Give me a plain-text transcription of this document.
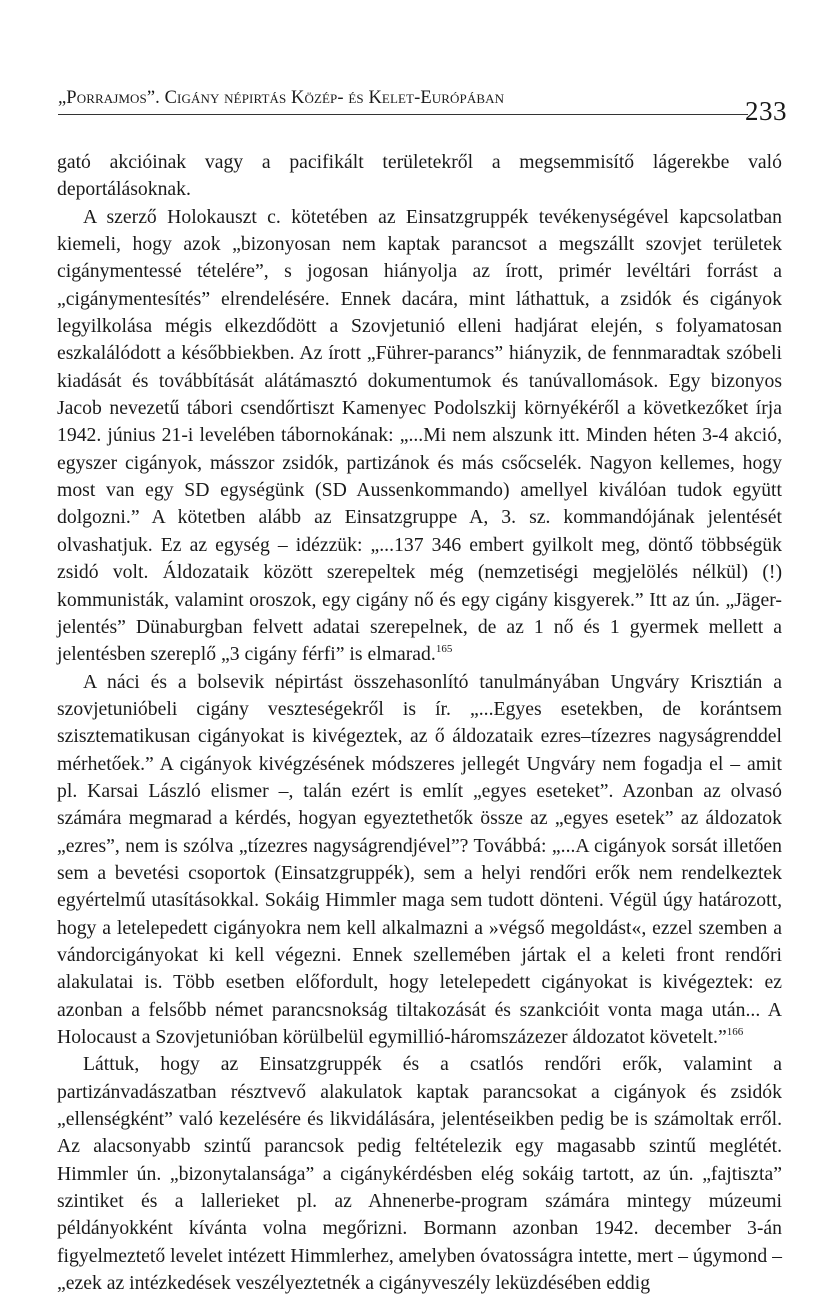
„Porrajmos”. Cigány népirtás Közép- és Kelet-Európában	233

gató akcióinak vagy a pacifikált területekről a megsemmisítő lágerekbe való deportálásoknak.

A szerző Holokauszt c. kötetében az Einsatzgruppék tevékenységével kapcsolatban kiemeli, hogy azok „bizonyosan nem kaptak parancsot a megszállt szovjet területek cigánymentessé tételére”, s jogosan hiányolja az írott, primér levéltári forrást a „cigánymentesítés” elrendelésére. Ennek dacára, mint láthattuk, a zsidók és cigányok legyilkolása mégis elkezdődött a Szovjetunió elleni hadjárat elején, s folyamatosan eszkalálódott a későbbiekben. Az írott „Führer-parancs” hiányzik, de fennmaradtak szóbeli kiadását és továbbítását alátámasztó dokumentumok és tanúvallomások. Egy bizonyos Jacob nevezetű tábori csendőrtiszt Kamenyec Podolszkij környékéről a következőket írja 1942. június 21-i levelében tábornokának: „...Mi nem alszunk itt. Minden héten 3-4 akció, egyszer cigányok, másszor zsidók, partizánok és más csőcselék. Nagyon kellemes, hogy most van egy SD egységünk (SD Aussenkommando) amellyel kiválóan tudok együtt dolgozni.” A kötetben alább az Einsatzgruppe A, 3. sz. kommandójának jelentését olvashatjuk. Ez az egység – idézzük: „...137 346 embert gyilkolt meg, döntő többségük zsidó volt. Áldozataik között szerepeltek még (nemzetiségi megjelölés nélkül) (!) kommunisták, valamint oroszok, egy cigány nő és egy cigány kisgyerek.” Itt az ún. „Jäger-jelentés” Dünaburgban felvett adatai szerepelnek, de az 1 nő és 1 gyermek mellett a jelentésben szereplő „3 cigány férfi” is elmarad.$^{165}$

A náci és a bolsevik népirtást összehasonlító tanulmányában Ungváry Krisztián a szovjetunióbeli cigány veszteségekről is ír. „...Egyes esetekben, de korántsem szisztematikusan cigányokat is kivégeztek, az ő áldozataik ezres–tízezres nagyságrenddel mérhetőek.” A cigányok kivégzésének módszeres jellegét Ungváry nem fogadja el – amit pl. Karsai László elismer –, talán ezért is említ „egyes eseteket”. Azonban az olvasó számára megmarad a kérdés, hogyan egyeztethetők össze az „egyes esetek” az áldozatok „ezres”, nem is szólva „tízezres nagyságrendjével”? Továbbá: „...A cigányok sorsát illetően sem a bevetési csoportok (Einsatzgruppék), sem a helyi rendőri erők nem rendelkeztek egyértelmű utasításokkal. Sokáig Himmler maga sem tudott dönteni. Végül úgy határozott, hogy a letelepedett cigányokra nem kell alkalmazni a »végső megoldást«, ezzel szemben a vándorcigányokat ki kell végezni. Ennek szellemében jártak el a keleti front rendőri alakulatai is. Több esetben előfordult, hogy letelepedett cigányokat is kivégeztek: ez azonban a felsőbb német parancsnokság tiltakozását és szankcióit vonta maga után... A Holocaust a Szovjetunióban körülbelül egymillió-háromszázezer áldozatot követelt.”$^{166}$

Láttuk, hogy az Einsatzgruppék és a csatlós rendőri erők, valamint a partizánvadászatban résztvevő alakulatok kaptak parancsokat a cigányok és zsidók „ellenségként” való kezelésére és likvidálására, jelentéseikben pedig be is számoltak erről. Az alacsonyabb szintű parancsok pedig feltételezik egy magasabb szintű meglétét. Himmler ún. „bizonytalansága” a cigánykérdésben elég sokáig tartott, az ún. „fajtiszta” szintiket és a lallerieket pl. az Ahnenerbe-program számára mintegy múzeumi példányokként kívánta volna megőrizni. Bormann azonban 1942. december 3-án figyelmeztető levelet intézett Himmlerhez, amelyben óvatosságra intette, mert – úgymond – „ezek az intézkedések veszélyeztetnék a cigányveszély leküzdésében eddig
